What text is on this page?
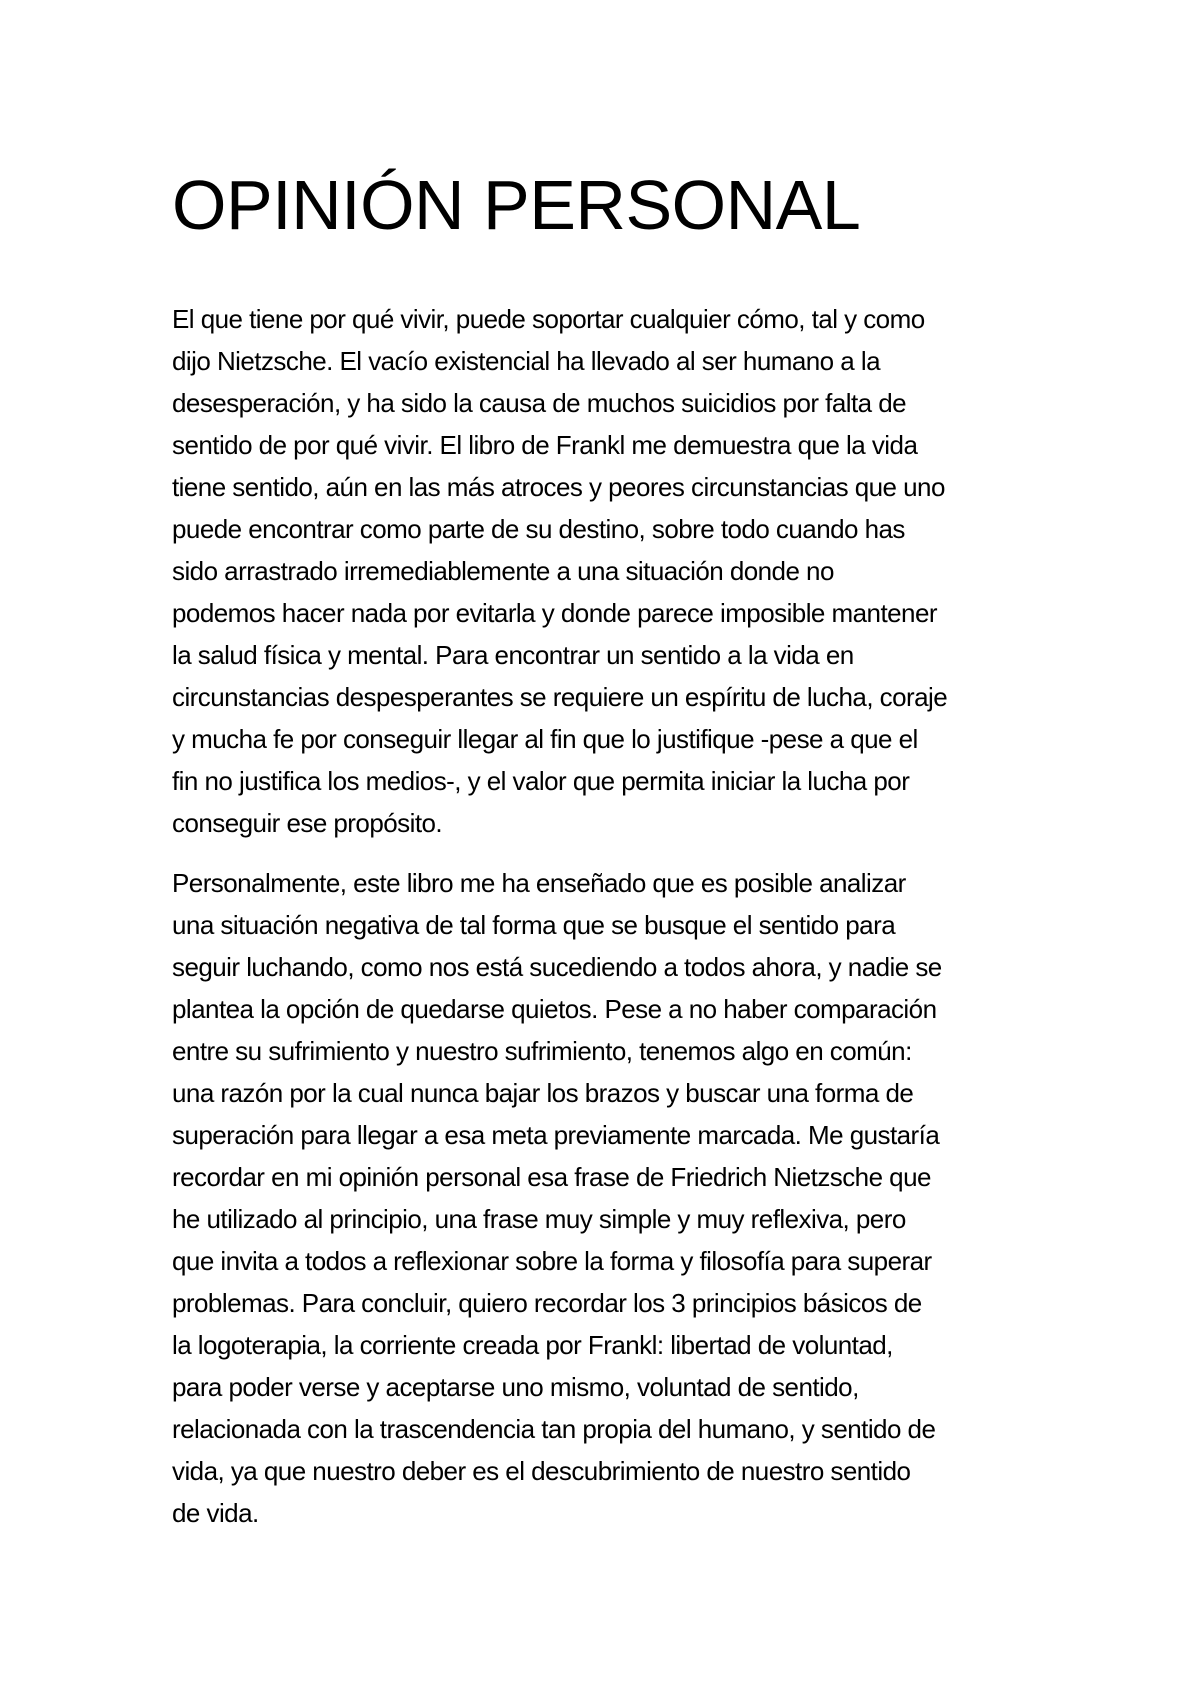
OPINIÓN PERSONAL

El que tiene por qué vivir, puede soportar cualquier cómo, tal y como
dijo Nietzsche. El vacío existencial ha llevado al ser humano a la
desesperación, y ha sido la causa de muchos suicidios por falta de
sentido de por qué vivir. El libro de Frankl me demuestra que la vida
tiene sentido, aún en las más atroces y peores circunstancias que uno
puede encontrar como parte de su destino, sobre todo cuando has
sido arrastrado irremediablemente a una situación donde no
podemos hacer nada por evitarla y donde parece imposible mantener
la salud física y mental. Para encontrar un sentido a la vida en
circunstancias despesperantes se requiere un espíritu de lucha, coraje
y mucha fe por conseguir llegar al fin que lo justifique -pese a que el
fin no justifica los medios-, y el valor que permita iniciar la lucha por
conseguir ese propósito.

Personalmente, este libro me ha enseñado que es posible analizar
una situación negativa de tal forma que se busque el sentido para
seguir luchando, como nos está sucediendo a todos ahora, y nadie se
plantea la opción de quedarse quietos. Pese a no haber comparación
entre su sufrimiento y nuestro sufrimiento, tenemos algo en común:
una razón por la cual nunca bajar los brazos y buscar una forma de
superación para llegar a esa meta previamente marcada. Me gustaría
recordar en mi opinión personal esa frase de Friedrich Nietzsche que
he utilizado al principio, una frase muy simple y muy reflexiva, pero
que invita a todos a reflexionar sobre la forma y filosofía para superar
problemas. Para concluir, quiero recordar los 3 principios básicos de
la logoterapia, la corriente creada por Frankl: libertad de voluntad,
para poder verse y aceptarse uno mismo, voluntad de sentido,
relacionada con la trascendencia tan propia del humano, y sentido de
vida, ya que nuestro deber es el descubrimiento de nuestro sentido
de vida.
